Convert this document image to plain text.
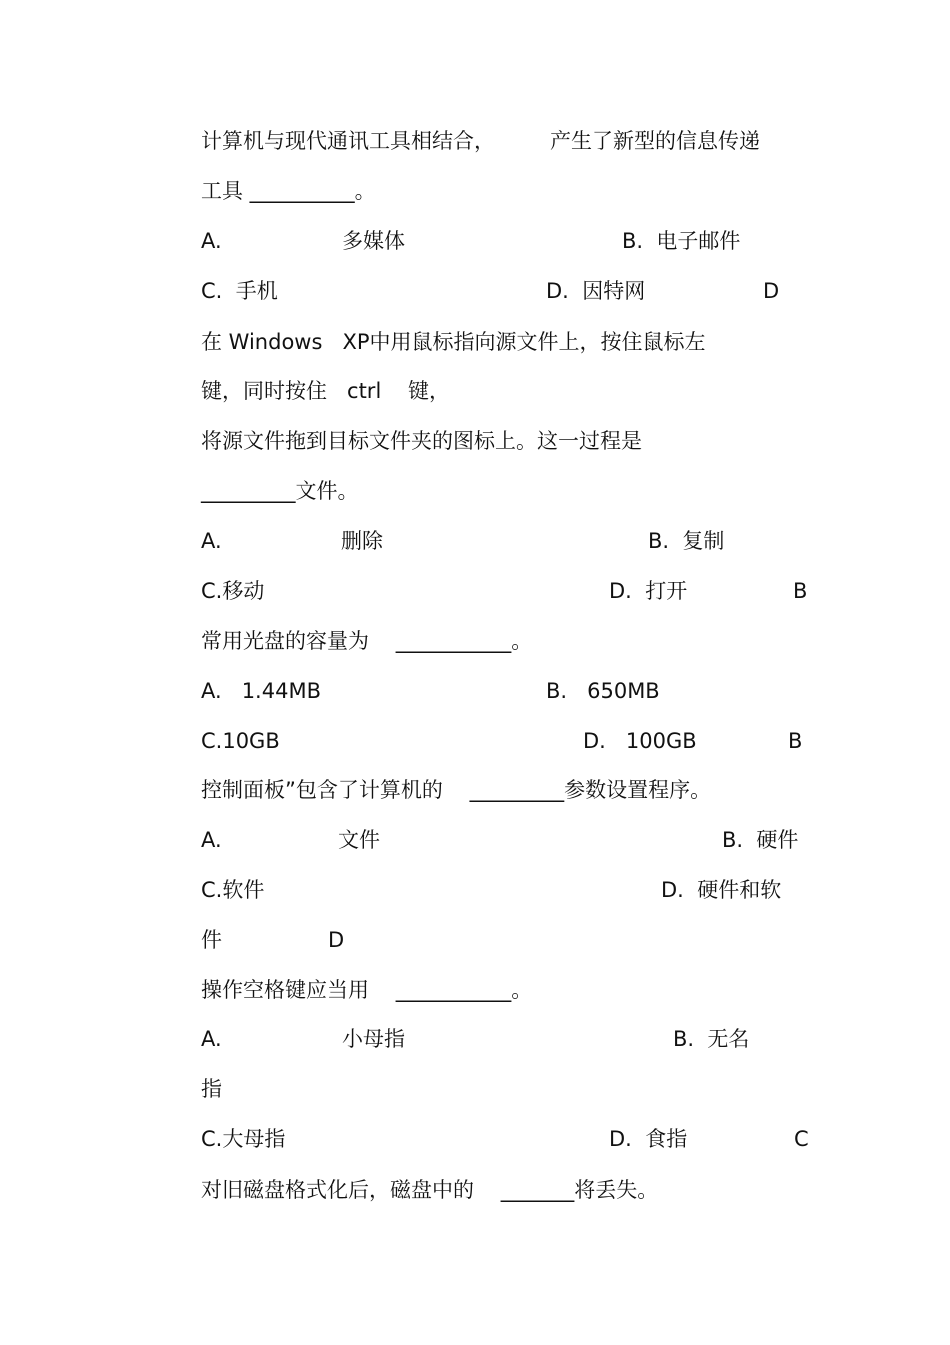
计算机与现代通讯工具相结合，	产生了新型的信息传递
工具 __________。
A.	多媒体	B.  电子邮件
C.  手机	D.  因特网	D
在 Windows   XP中用鼠标指向源文件上，按住鼠标左
键，同时按住   ctrl    键，
将源文件拖到目标文件夹的图标上。这一过程是
_________文件。
A.	删除	B.  复制
C.移动	D.  打开	B
常用光盘的容量为    ___________。
A.   1.44MB	B.   650MB
C.10GB	D.   100GB	B
控制面板”包含了计算机的    _________参数设置程序。
A.	文件	B.  硬件
C.软件	D.  硬件和软
件	D
操作空格键应当用    ___________。
A.	小母指	B.  无名
指
C.大母指	D.  食指	C
对旧磁盘格式化后，磁盘中的    _______将丢失。
